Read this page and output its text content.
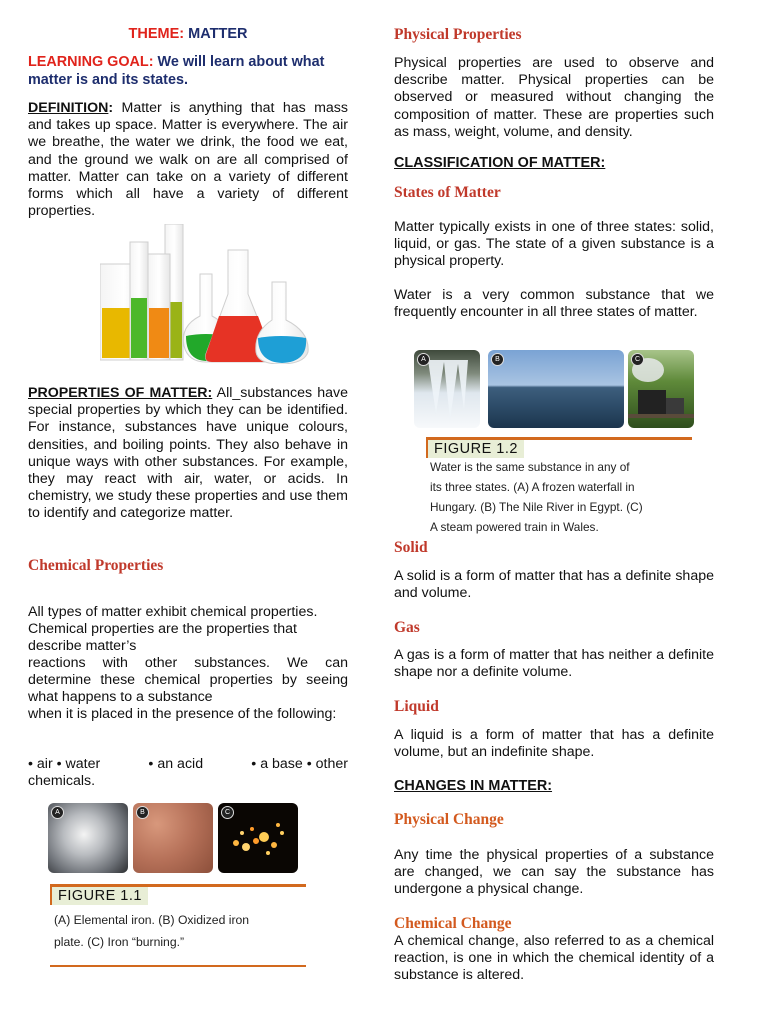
THEME: MATTER

LEARNING GOAL: We will learn about what matter is and its states.

DEFINITION: Matter is anything that has mass and takes up space. Matter is everywhere. The air we breathe, the water we drink, the food we eat, and the ground we walk on are all comprised of matter. Matter can take on a variety of different forms which all have a variety of different properties.

PROPERTIES OF MATTER: All_substances have special properties by which they can be identified. For instance, substances have unique colours, densities, and boiling points. They also behave in unique ways with other substances. For example, they may react with air, water, or acids. In chemistry, we study these properties and use them to identify and categorize matter.

Chemical Properties

All types of matter exhibit chemical properties. Chemical properties are the properties that describe matter’s

reactions with other substances. We can determine these chemical properties by seeing what happens to a substance

when it is placed in the presence of the following:

• air • water	• an acid	• a base • other

chemicals.

A	B	C
FIGURE 1.1

(A) Elemental iron. (B) Oxidized iron

plate. (C) Iron “burning.”

Physical Properties

Physical properties are used to observe and describe matter. Physical properties can be observed or measured without changing the composition of matter. These are properties such as mass, weight, volume, and density.

CLASSIFICATION OF MATTER:

States of Matter

Matter typically exists in one of three states: solid, liquid, or gas. The state of a given substance is a physical property.

Water is a very common substance that we frequently encounter in all three states of matter.

A	B	C
FIGURE 1.2

Water is the same substance in any of

its three states. (A) A frozen waterfall in

Hungary. (B) The Nile River in Egypt. (C)

A steam powered train in Wales.

Solid

A solid is a form of matter that has a definite shape and volume.

Gas

A gas is a form of matter that has neither a definite shape nor a definite volume.

Liquid

A liquid is a form of matter that has a definite volume, but an indefinite shape.

CHANGES IN MATTER:

Physical Change

Any time the physical properties of a substance are changed, we can say the substance has undergone a physical change.

Chemical Change

A chemical change, also referred to as a chemical reaction, is one in which the chemical identity of a substance is altered.
